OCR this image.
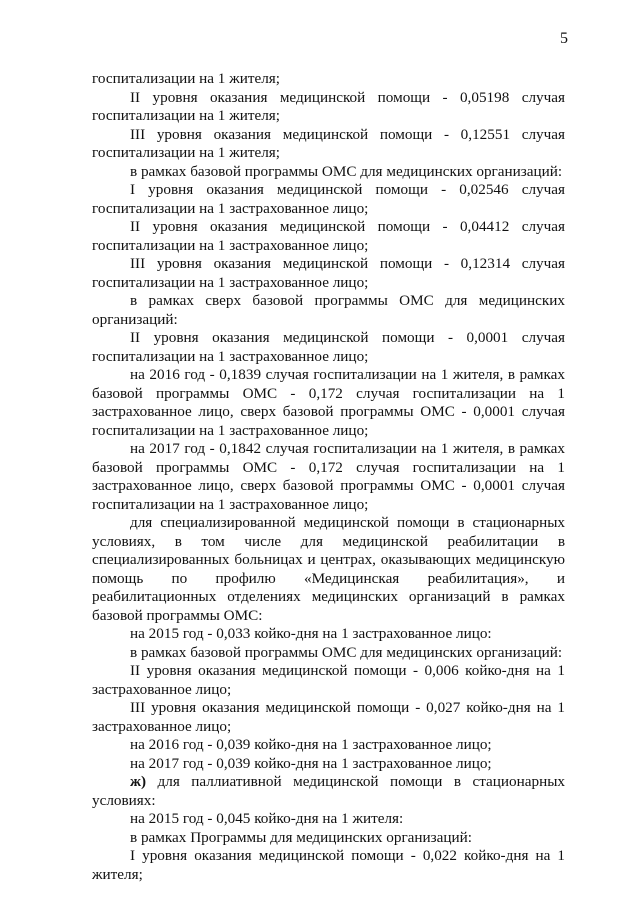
5

госпитализации на 1 жителя;

II уровня оказания медицинской помощи - 0,05198 случая госпитализации на 1 жителя;

III уровня оказания медицинской помощи - 0,12551 случая госпитализации на 1 жителя;

в рамках базовой программы ОМС для медицинских организаций:

I уровня оказания медицинской помощи - 0,02546 случая госпитализации на 1 застрахованное лицо;

II уровня оказания медицинской помощи - 0,04412 случая госпитализации на 1 застрахованное лицо;

III уровня оказания медицинской помощи - 0,12314 случая госпитализации на 1 застрахованное лицо;

в рамках сверх базовой программы ОМС для медицинских организаций:

II уровня оказания медицинской помощи - 0,0001 случая госпитализации на 1 застрахованное лицо;

на 2016 год - 0,1839 случая госпитализации на 1 жителя, в рамках базовой программы ОМС - 0,172 случая госпитализации на 1 застрахованное лицо, сверх базовой программы ОМС - 0,0001 случая госпитализации на 1 застрахованное лицо;

на 2017 год - 0,1842 случая госпитализации на 1 жителя, в рамках базовой программы ОМС - 0,172 случая госпитализации на 1 застрахованное лицо, сверх базовой программы ОМС - 0,0001 случая госпитализации на 1 застрахованное лицо;

для специализированной медицинской помощи в стационарных условиях, в том числе для медицинской реабилитации в специализированных больницах и центрах, оказывающих медицинскую помощь по профилю «Медицинская реабилитация», и реабилитационных отделениях медицинских организаций в рамках базовой программы ОМС:

на 2015 год - 0,033 койко-дня на 1 застрахованное лицо:

в рамках базовой программы ОМС для медицинских организаций:

II уровня оказания медицинской помощи - 0,006 койко-дня на 1 застрахованное лицо;

III уровня оказания медицинской помощи - 0,027 койко-дня на 1 застрахованное лицо;

на 2016 год - 0,039 койко-дня на 1 застрахованное лицо;

на 2017 год - 0,039 койко-дня на 1 застрахованное лицо;

ж) для паллиативной медицинской помощи в стационарных условиях:

на 2015 год - 0,045 койко-дня на 1 жителя:

в рамках Программы для медицинских организаций:

I уровня оказания медицинской помощи - 0,022 койко-дня на 1 жителя;
